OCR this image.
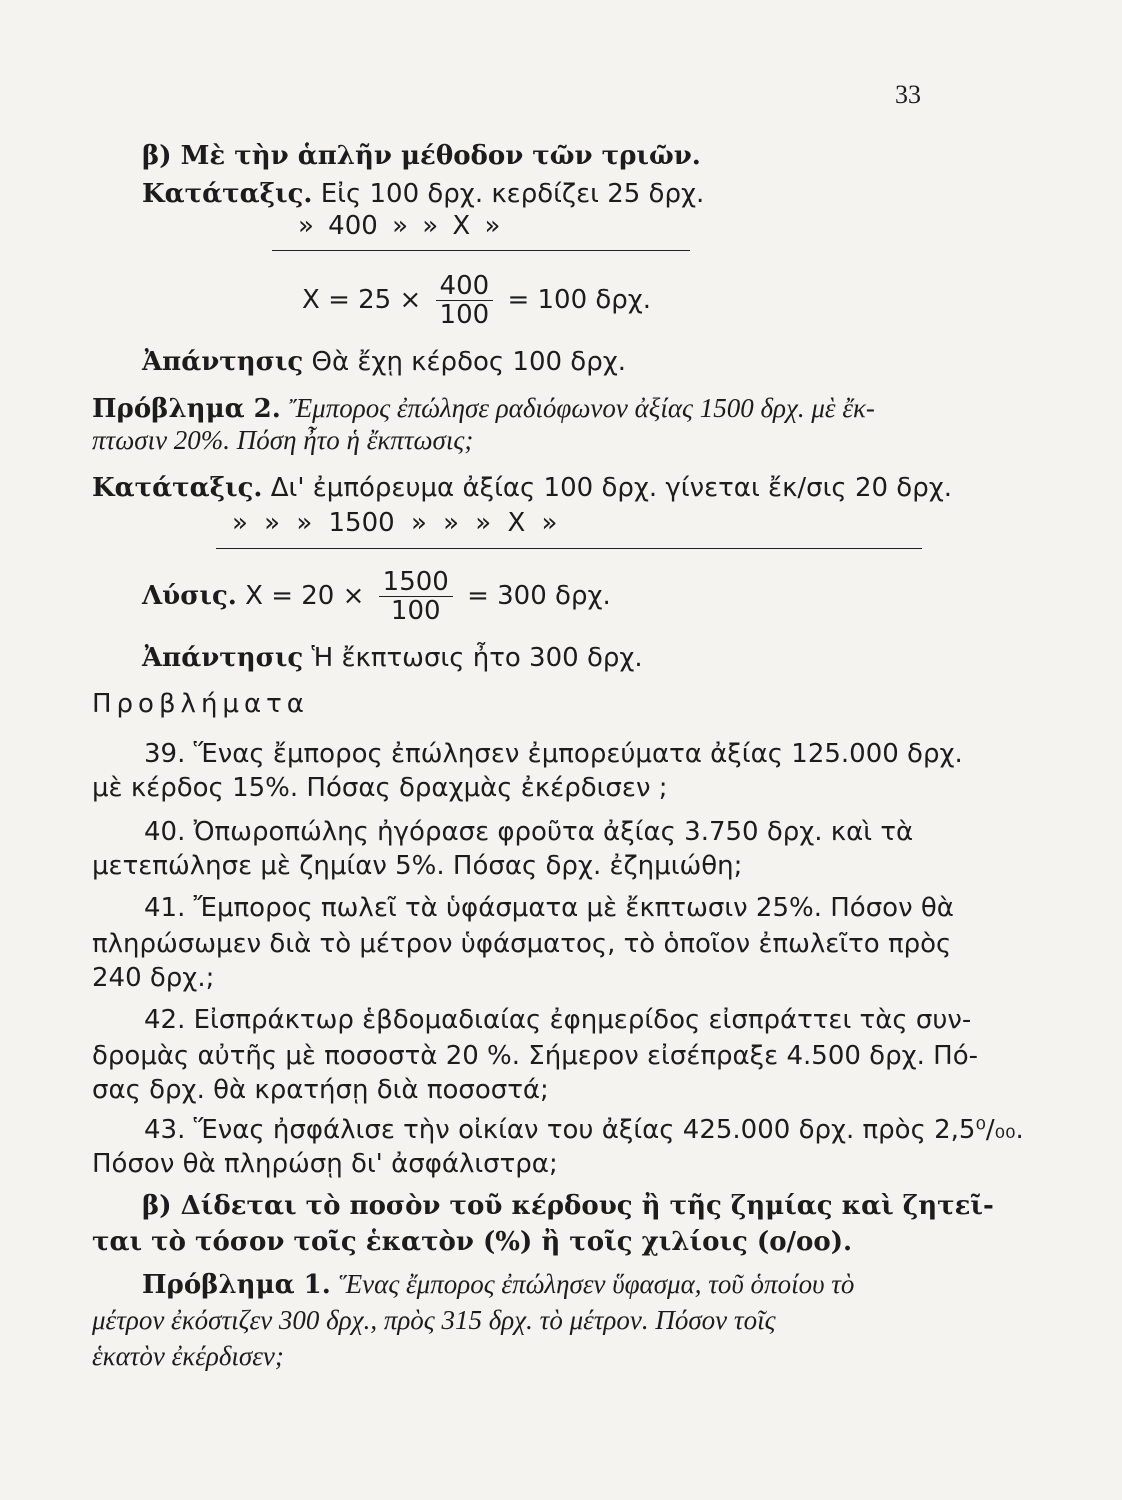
33
β) Μὲ τὴν ἁπλῆν μέθοδον τῶν τριῶν.
Κατάταξις. Εἰς 100 δρχ. κερδίζει 25 δρχ.
» 400 » » X »
$X = 25 \times \frac{400}{100} = 100$ δρχ.
Ἀπάντησις Θὰ ἔχῃ κέρδος 100 δρχ.
Πρόβλημα 2. Ἔμπορος ἐπώλησε ραδιόφωνον ἀξίας 1500 δρχ. μὲ ἔκ-
πτωσιν 20%. Πόση ἦτο ἡ ἔκπτωσις;
Κατάταξις. Δι' ἐμπόρευμα ἀξίας 100 δρχ. γίνεται ἔκ/σις 20 δρχ.
» » » 1500 » » » X »
Λύσις. $X = 20 \times \frac{1500}{100} = 300$ δρχ.
Ἀπάντησις Ἡ ἔκπτωσις ἦτο 300 δρχ.
Προβλήματα
39. Ἕνας ἔμπορος ἐπώλησεν ἐμπορεύματα ἀξίας 125.000 δρχ.
μὲ κέρδος 15%. Πόσας δραχμὰς ἐκέρδισεν ;
40. Ὀπωροπώλης ἠγόρασε φροῦτα ἀξίας 3.750 δρχ. καὶ τὰ
μετεπώλησε μὲ ζημίαν 5%. Πόσας δρχ. ἐζημιώθη;
41. Ἔμπορος πωλεῖ τὰ ὑφάσματα μὲ ἔκπτωσιν 25%. Πόσον θὰ
πληρώσωμεν διὰ τὸ μέτρον ὑφάσματος, τὸ ὁποῖον ἐπωλεῖτο πρὸς
240 δρχ.;
42. Εἰσπράκτωρ ἑβδομαδιαίας ἐφημερίδος εἰσπράττει τὰς συν-
δρομὰς αὐτῆς μὲ ποσοστὰ 20 %. Σήμερον εἰσέπραξε 4.500 δρχ. Πό-
σας δρχ. θὰ κρατήσῃ διὰ ποσοστά;
43. Ἕνας ἠσφάλισε τὴν οἰκίαν του ἀξίας 425.000 δρχ. πρὸς 2,5⁰/₀₀.
Πόσον θὰ πληρώσῃ δι' ἀσφάλιστρα;
β) Δίδεται τὸ ποσὸν τοῦ κέρδους ἢ τῆς ζημίας καὶ ζητεῖ-
ται τὸ τόσον τοῖς ἑκατὸν (%) ἢ τοῖς χιλίοις (ο/οο).
Πρόβλημα 1. Ἕνας ἔμπορος ἐπώλησεν ὕφασμα, τοῦ ὁποίου τὸ
μέτρον ἐκόστιζεν 300 δρχ., πρὸς 315 δρχ. τὸ μέτρον. Πόσον τοῖς
ἑκατὸν ἐκέρδισεν;
